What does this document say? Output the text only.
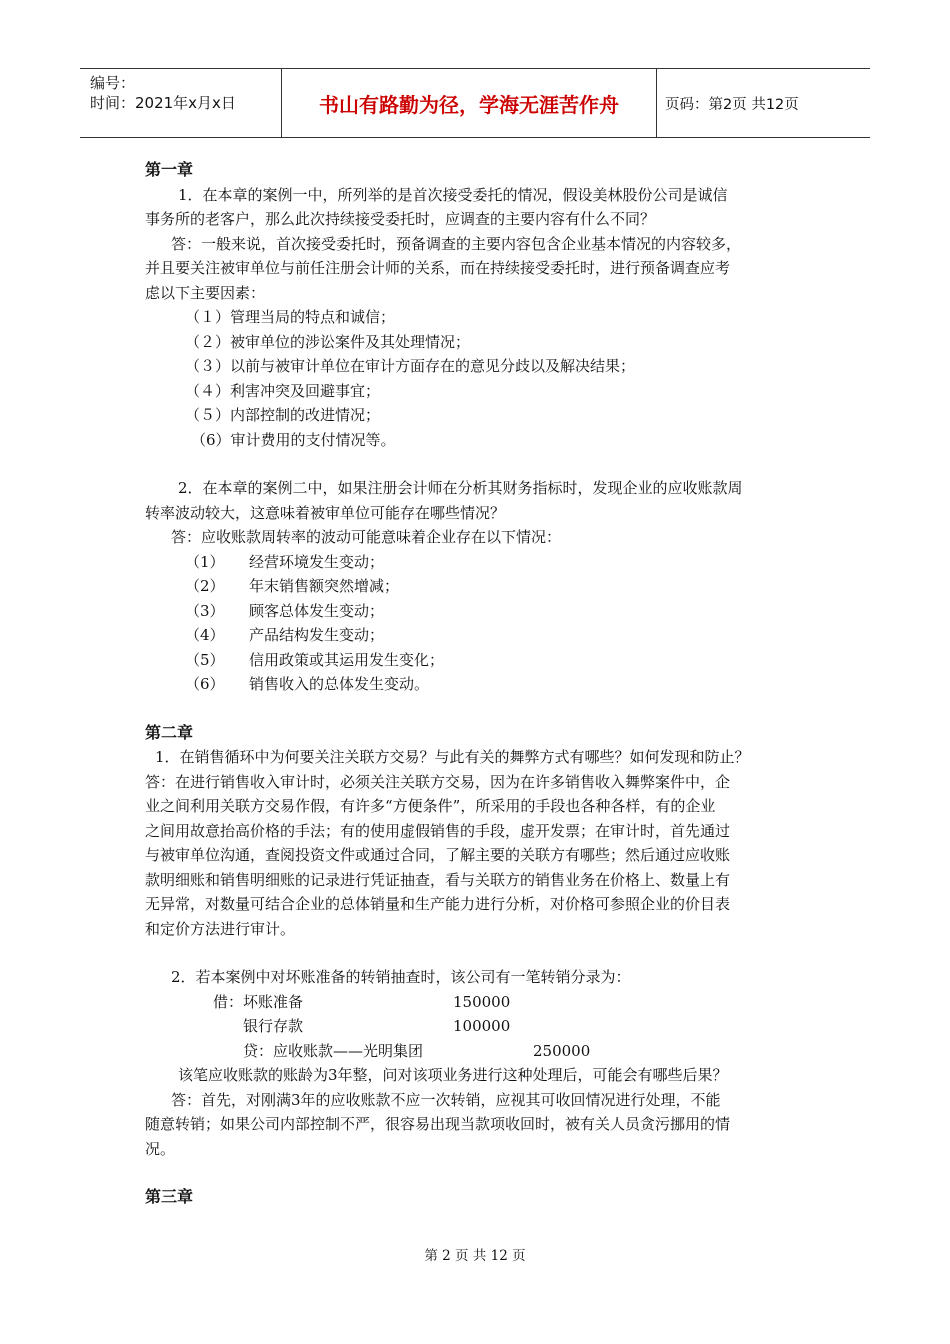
编号：
时间：2021年x月x日	书山有路勤为径，学海无涯苦作舟	页码：第2页 共12页

第一章

1．在本章的案例一中，所列举的是首次接受委托的情况，假设美林股份公司是诚信

事务所的老客户，那么此次持续接受委托时，应调查的主要内容有什么不同？

答：一般来说，首次接受委托时，预备调查的主要内容包含企业基本情况的内容较多，

并且要关注被审单位与前任注册会计师的关系，而在持续接受委托时，进行预备调查应考

虑以下主要因素：

（１）管理当局的特点和诚信；

（２）被审单位的涉讼案件及其处理情况；

（３）以前与被审计单位在审计方面存在的意见分歧以及解决结果；

（４）利害冲突及回避事宜；

（５）内部控制的改进情况；

（6）审计费用的支付情况等。

2．在本章的案例二中，如果注册会计师在分析其财务指标时，发现企业的应收账款周

转率波动较大，这意味着被审单位可能存在哪些情况？

答：应收账款周转率的波动可能意味着企业存在以下情况：

（1） 经营环境发生变动；

（2） 年末销售额突然增减；

（3） 顾客总体发生变动；

（4） 产品结构发生变动；

（5） 信用政策或其运用发生变化；

（6） 销售收入的总体发生变动。

第二章

1．在销售循环中为何要关注关联方交易？与此有关的舞弊方式有哪些？如何发现和防止？

答：在进行销售收入审计时，必须关注关联方交易，因为在许多销售收入舞弊案件中，企

业之间利用关联方交易作假，有许多“方便条件”，所采用的手段也各种各样，有的企业

之间用故意抬高价格的手法；有的使用虚假销售的手段，虚开发票；在审计时，首先通过

与被审单位沟通，查阅投资文件或通过合同，了解主要的关联方有哪些；然后通过应收账

款明细账和销售明细账的记录进行凭证抽查，看与关联方的销售业务在价格上、数量上有

无异常，对数量可结合企业的总体销量和生产能力进行分析，对价格可参照企业的价目表

和定价方法进行审计。

2．若本案例中对坏账准备的转销抽查时，该公司有一笔转销分录为：

借：坏账准备	150000
银行存款	100000
贷：应收账款——光明集团	250000

该笔应收账款的账龄为3年整，问对该项业务进行这种处理后，可能会有哪些后果？

答：首先，对刚满3年的应收账款不应一次转销，应视其可收回情况进行处理，不能

随意转销；如果公司内部控制不严，很容易出现当款项收回时，被有关人员贪污挪用的情

况。

第三章

第 2 页 共 12 页
